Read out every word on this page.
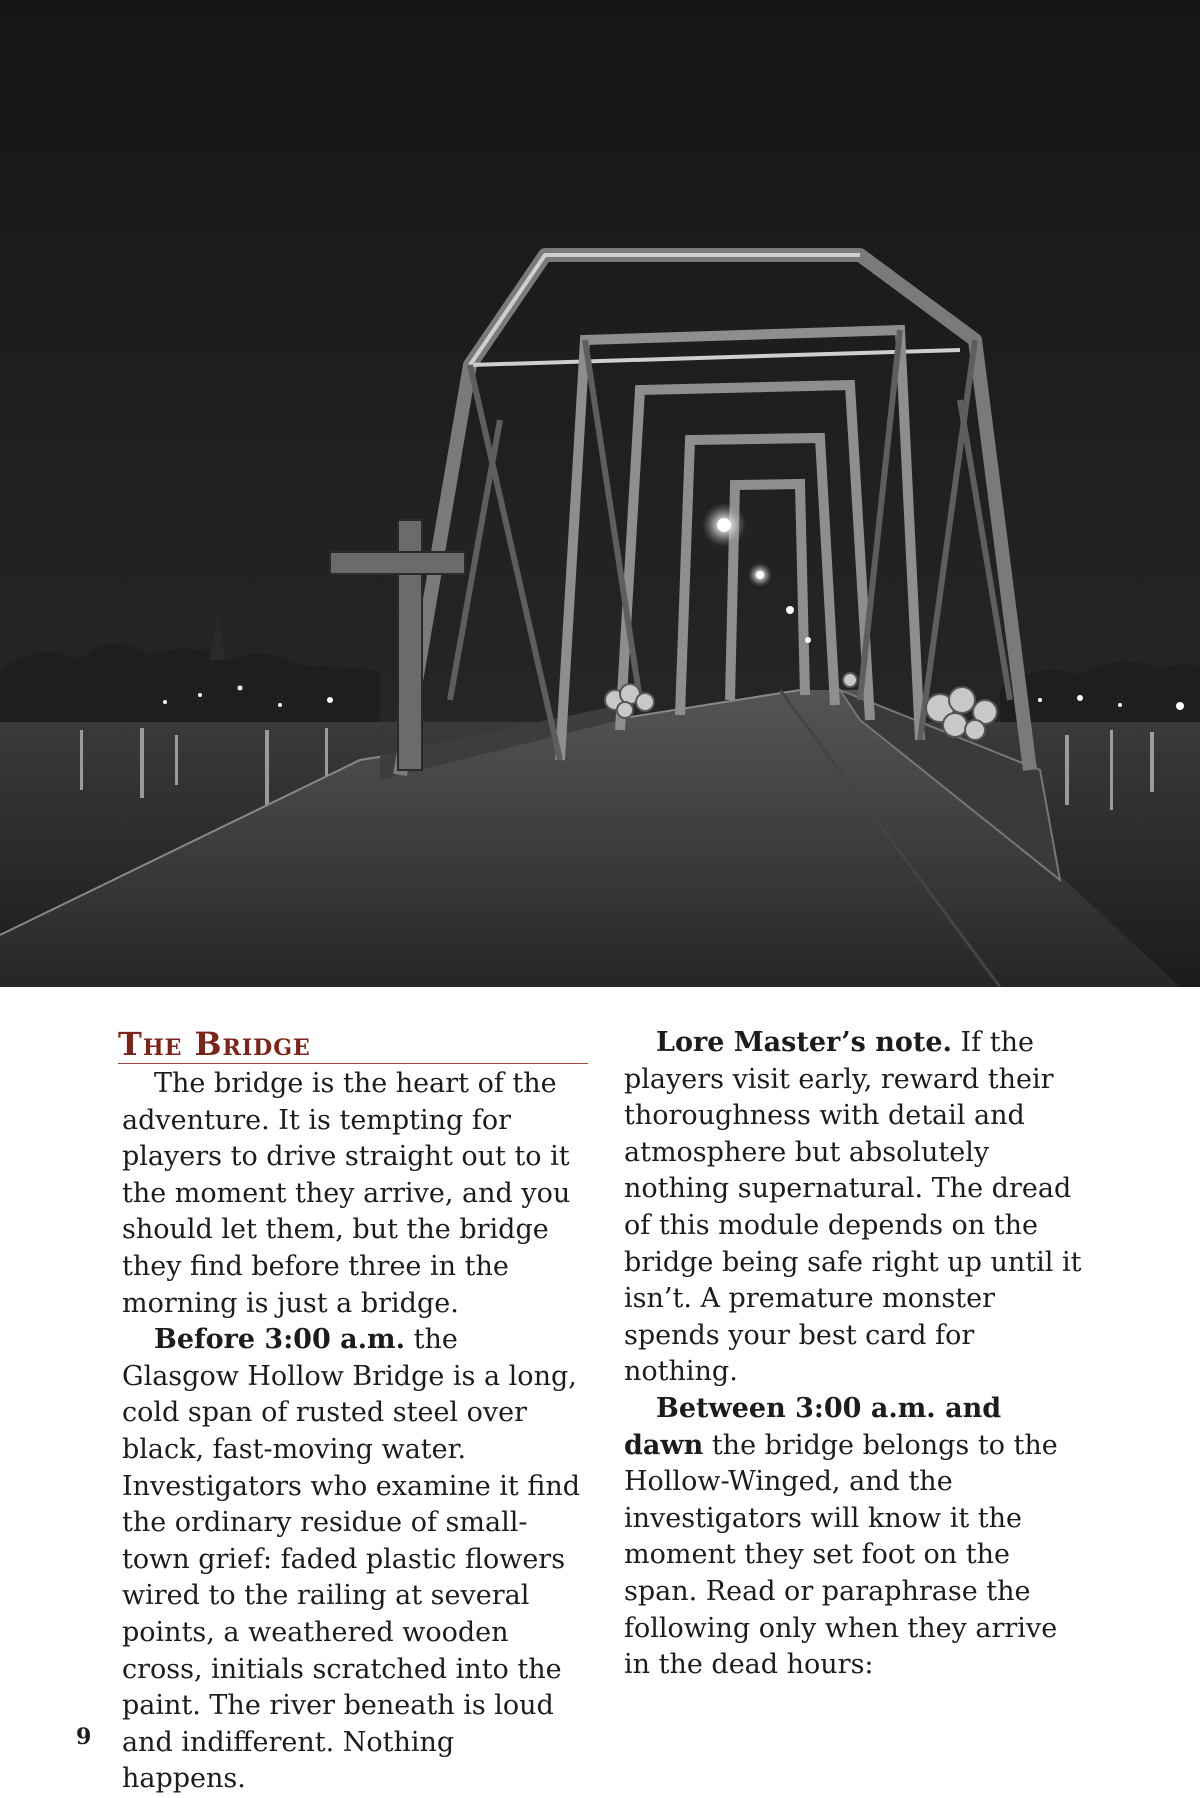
The Bridge

The bridge is the heart of the adventure. It is tempting for players to drive straight out to it the moment they arrive, and you should let them, but the bridge they find before three in the morning is just a bridge.

Before 3:00 a.m. the Glasgow Hollow Bridge is a long, cold span of rusted steel over black, fast-moving water. Investigators who examine it find the ordinary residue of small-town grief: faded plastic flowers wired to the railing at several points, a weathered wooden cross, initials scratched into the paint. The river beneath is loud and indifferent. Nothing happens.

Lore Master’s note. If the players visit early, reward their thoroughness with detail and atmosphere but absolutely nothing supernatural. The dread of this module depends on the bridge being safe right up until it isn’t. A premature monster spends your best card for nothing.

Between 3:00 a.m. and dawn the bridge belongs to the Hollow-Winged, and the investigators will know it the moment they set foot on the span. Read or paraphrase the following only when they arrive in the dead hours:

9
